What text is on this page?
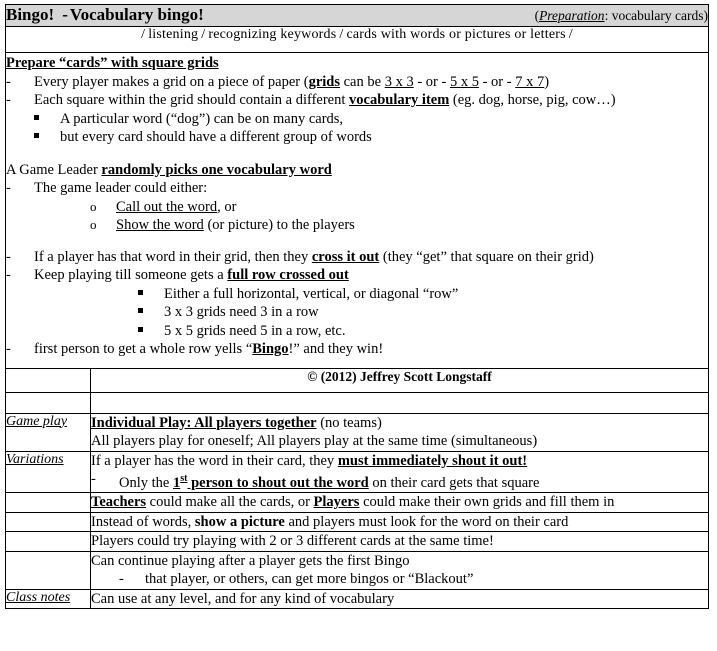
Bingo! - Vocabulary bingo! (Preparation: vocabulary cards)	

/ listening / recognizing keywords / cards with words or pictures or letters /	

Prepare “cards” with square grids
-	Every player makes a grid on a piece of paper (grids can be 3 x 3 - or - 5 x 5 - or - 7 x 7)
-	Each square within the grid should contain a different vocabulary item (eg. dog, horse, pig, cow…)
A particular word (“dog”) can be on many cards,
but every card should have a different group of words
A Game Leader randomly picks one vocabulary word
-	The game leader could either:
o	Call out the word, or
o	Show the word (or picture) to the players
-	If a player has that word in their grid, then they cross it out (they “get” that square on their grid)
-	Keep playing till someone gets a full row crossed out
Either a full horizontal, vertical, or diagonal “row”
3 x 3 grids need 3 in a row
5 x 5 grids need 5 in a row, etc.
-	first person to get a whole row yells “Bingo!” and they win!

	© (2012) Jeffrey Scott Longstaff

Game play	Individual Play: All players together (no teams)
All players play for oneself; All players play at the same time (simultaneous)

Variations	If a player has the word in their card, they must immediately shout it out!
- Only the 1st person to shout out the word on their card gets that square

	Teachers could make all the cards, or Players could make their own grids and fill them in
	Instead of words, show a picture and players must look for the word on their card
	Players could try playing with 2 or 3 different cards at the same time!

	Can continue playing after a player gets the first Bingo
- that player, or others, can get more bingos or “Blackout”

Class notes	Can use at any level, and for any kind of vocabulary
